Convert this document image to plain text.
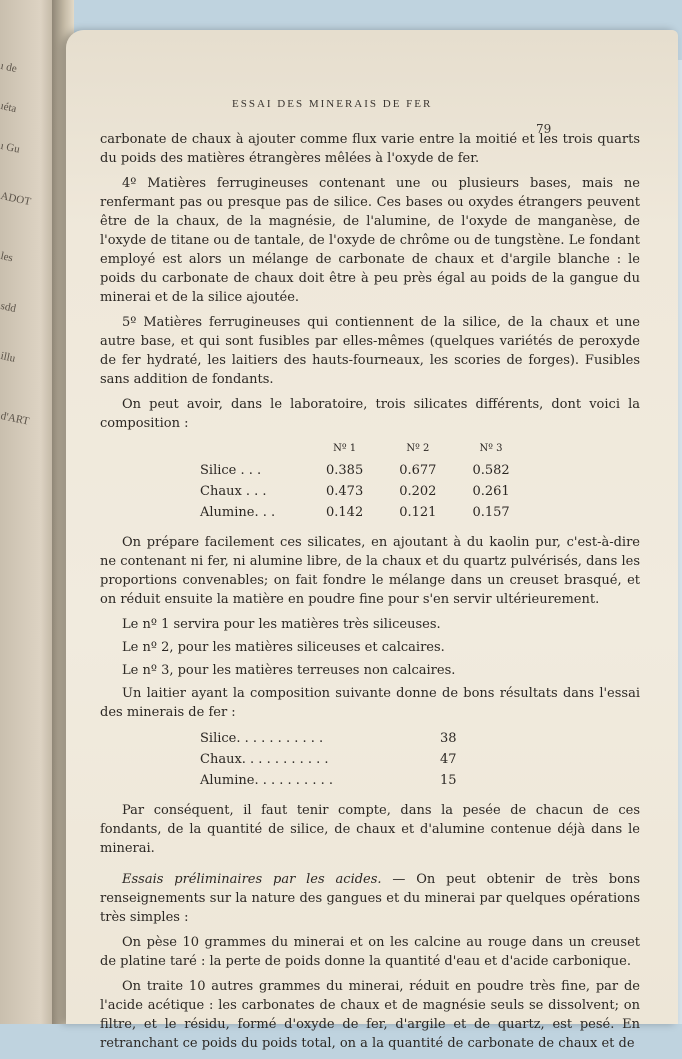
ı de
ıéta
ı Gu
ADOT
les
sdd
illu
d'ART
ESSAI DES MINERAIS DE FER
79

carbonate de chaux à ajouter comme flux varie entre la moitié et les trois quarts du poids des matières étrangères mêlées à l'oxyde de fer.

4º Matières ferrugineuses contenant une ou plusieurs bases, mais ne renfermant pas ou presque pas de silice. Ces bases ou oxydes étrangers peuvent être de la chaux, de la magnésie, de l'alumine, de l'oxyde de manganèse, de l'oxyde de titane ou de tantale, de l'oxyde de chrôme ou de tungstène. Le fondant employé est alors un mélange de carbonate de chaux et d'argile blanche : le poids du carbonate de chaux doit être à peu près égal au poids de la gangue du minerai et de la silice ajoutée.

5º Matières ferrugineuses qui contiennent de la silice, de la chaux et une autre base, et qui sont fusibles par elles-mêmes (quelques variétés de peroxyde de fer hydraté, les laitiers des hauts-fourneaux, les scories de forges). Fusibles sans addition de fondants.

On peut avoir, dans le laboratoire, trois silicates différents, dont voici la composition :

	Nº 1	Nº 2	Nº 3
Silice . . .	0.385	0.677	0.582
Chaux . . .	0.473	0.202	0.261
Alumine. . .	0.142	0.121	0.157

On prépare facilement ces silicates, en ajoutant à du kaolin pur, c'est-à-dire ne contenant ni fer, ni alumine libre, de la chaux et du quartz pulvérisés, dans les proportions convenables; on fait fondre le mélange dans un creuset brasqué, et on réduit ensuite la matière en poudre fine pour s'en servir ultérieurement.

Le nº 1 servira pour les matières très siliceuses.
Le nº 2, pour les matières siliceuses et calcaires.
Le nº 3, pour les matières terreuses non calcaires.

Un laitier ayant la composition suivante donne de bons résultats dans l'essai des minerais de fer :

Silice. . . . . . . . . . .	38
Chaux. . . . . . . . . . .	47
Alumine. . . . . . . . . .	15

Par conséquent, il faut tenir compte, dans la pesée de chacun de ces fondants, de la quantité de silice, de chaux et d'alumine contenue déjà dans le minerai.

Essais préliminaires par les acides. — On peut obtenir de très bons renseignements sur la nature des gangues et du minerai par quelques opérations très simples :

On pèse 10 grammes du minerai et on les calcine au rouge dans un creuset de platine taré : la perte de poids donne la quantité d'eau et d'acide carbonique.

On traite 10 autres grammes du minerai, réduit en poudre très fine, par de l'acide acétique : les carbonates de chaux et de magnésie seuls se dissolvent; on filtre, et le résidu, formé d'oxyde de fer, d'argile et de quartz, est pesé. En retranchant ce poids du poids total, on a la quantité de carbonate de chaux et de
